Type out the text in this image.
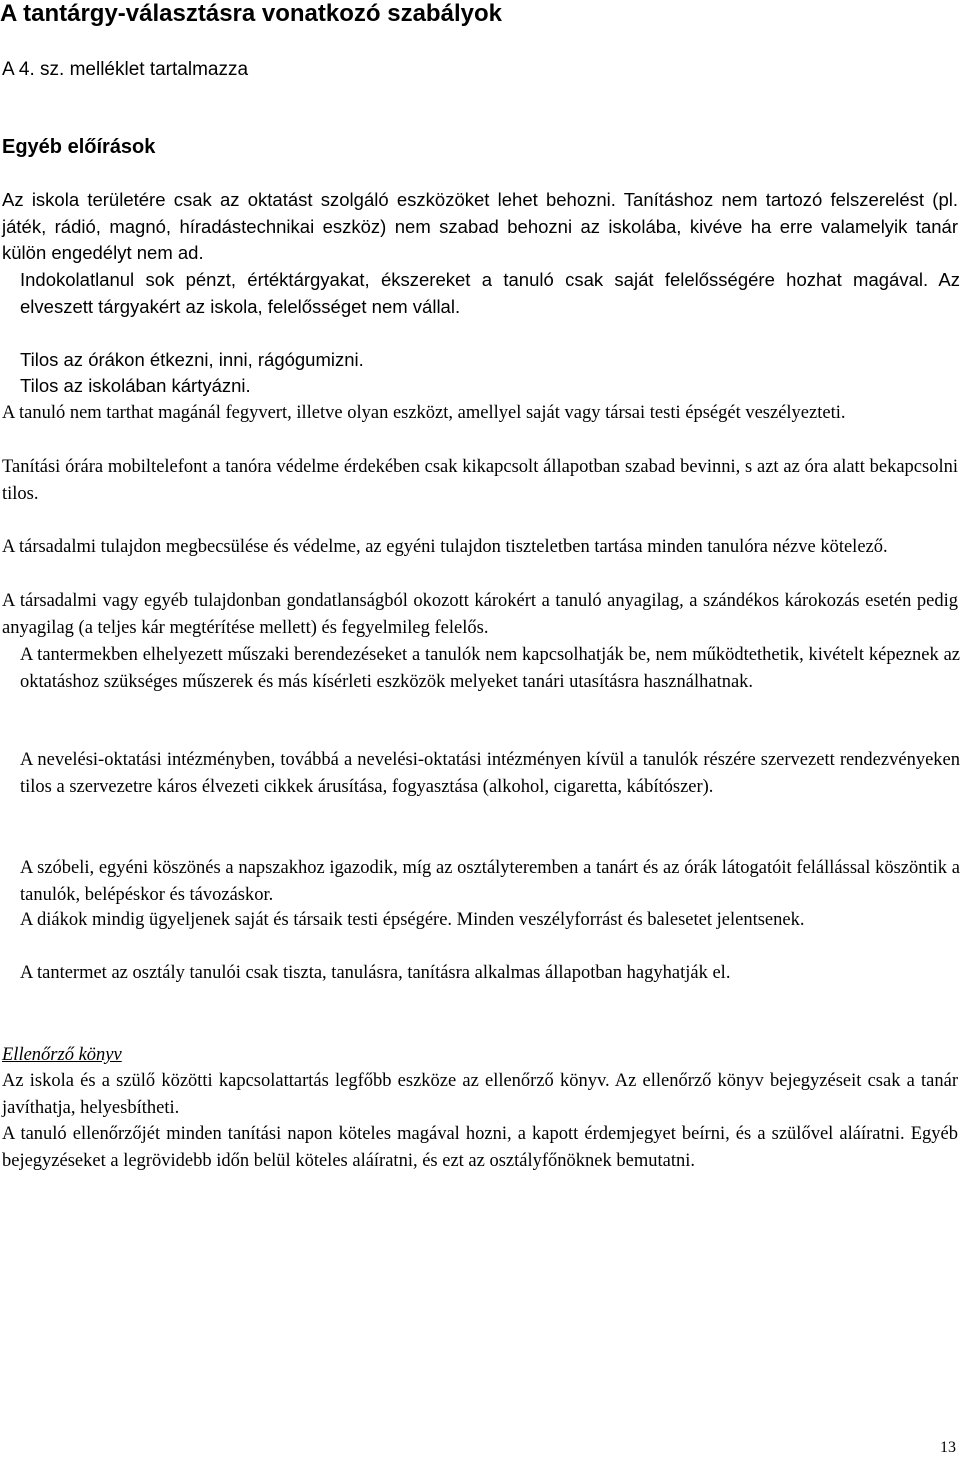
A tantárgy-választásra vonatkozó szabályok
A 4. sz. melléklet tartalmazza
Egyéb előírások

Az iskola területére csak az oktatást szolgáló eszközöket lehet behozni. Tanításhoz nem tartozó felszerelést (pl. játék, rádió, magnó, híradástechnikai eszköz) nem szabad behozni az iskolába, kivéve ha erre valamelyik tanár külön engedélyt nem ad.

Indokolatlanul sok pénzt, értéktárgyakat, ékszereket a tanuló csak saját felelősségére hozhat magával. Az elveszett tárgyakért az iskola, felelősséget nem vállal.

Tilos az órákon étkezni, inni, rágógumizni.

Tilos az iskolában kártyázni.

A tanuló nem tarthat magánál fegyvert, illetve olyan eszközt, amellyel saját vagy társai testi épségét veszélyezteti.

Tanítási órára mobiltelefont a tanóra védelme érdekében csak kikapcsolt állapotban szabad bevinni, s azt az óra alatt bekapcsolni tilos.

A társadalmi tulajdon megbecsülése és védelme, az egyéni tulajdon tiszteletben tartása minden tanulóra nézve kötelező.

A társadalmi vagy egyéb tulajdonban gondatlanságból okozott károkért a tanuló anyagilag, a szándékos károkozás esetén pedig anyagilag (a teljes kár megtérítése mellett) és fegyelmileg felelős.

A tantermekben elhelyezett műszaki berendezéseket a tanulók nem kapcsolhatják be, nem működtethetik, kivételt képeznek az oktatáshoz szükséges műszerek és más kísérleti eszközök melyeket tanári utasításra használhatnak.

A nevelési-oktatási intézményben, továbbá a nevelési-oktatási intézményen kívül a tanulók részére szervezett rendezvényeken tilos a szervezetre káros élvezeti cikkek árusítása, fogyasztása (alkohol, cigaretta, kábítószer).

A szóbeli, egyéni köszönés a napszakhoz igazodik, míg az osztályteremben a tanárt és az órák látogatóit felállással köszöntik a tanulók, belépéskor és távozáskor.

A diákok mindig ügyeljenek saját és társaik testi épségére. Minden veszélyforrást és balesetet jelentsenek.

A tantermet az osztály tanulói csak tiszta, tanulásra, tanításra alkalmas állapotban hagyhatják el.

Ellenőrző könyv

Az iskola és a szülő közötti kapcsolattartás legfőbb eszköze az ellenőrző könyv. Az ellenőrző könyv bejegyzéseit csak a tanár javíthatja, helyesbítheti.

A tanuló ellenőrzőjét minden tanítási napon köteles magával hozni, a kapott érdemjegyet beírni, és a szülővel aláíratni. Egyéb bejegyzéseket a legrövidebb időn belül köteles aláíratni, és ezt az osztályfőnöknek bemutatni.

13
